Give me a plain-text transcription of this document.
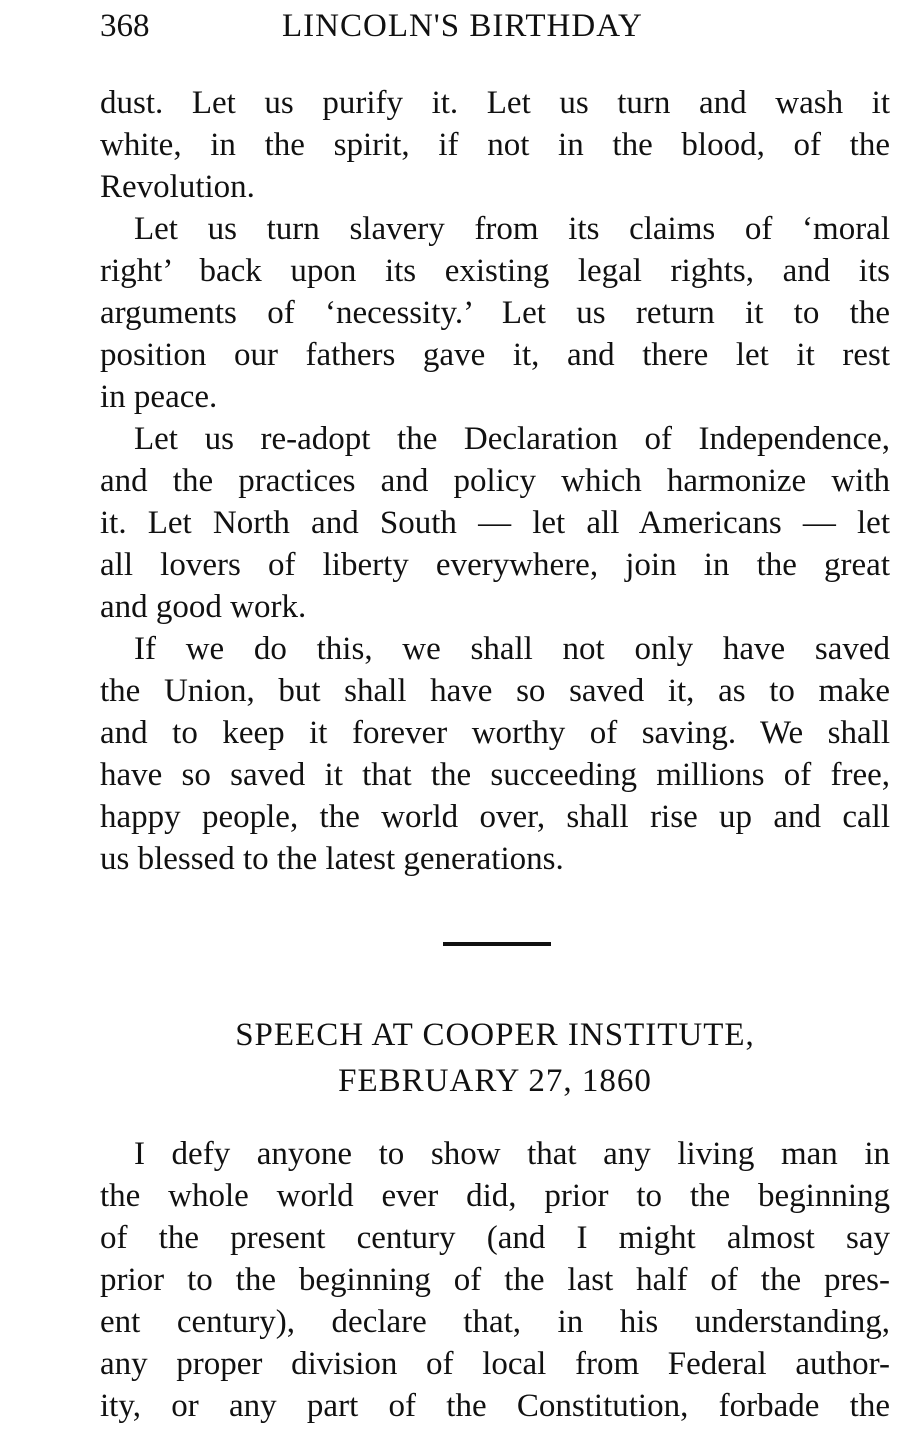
368	LINCOLN'S BIRTHDAY
dust. Let us purify it. Let us turn and wash it
white, in the spirit, if not in the blood, of the
Revolution.
Let us turn slavery from its claims of ‘moral
right’ back upon its existing legal rights, and its
arguments of ‘necessity.’ Let us return it to the
position our fathers gave it, and there let it rest
in peace.
Let us re-adopt the Declaration of Independence,
and the practices and policy which harmonize with
it. Let North and South — let all Americans — let
all lovers of liberty everywhere, join in the great
and good work.
If we do this, we shall not only have saved
the Union, but shall have so saved it, as to make
and to keep it forever worthy of saving. We shall
have so saved it that the succeeding millions of free,
happy people, the world over, shall rise up and call
us blessed to the latest generations.
SPEECH AT COOPER INSTITUTE,
FEBRUARY 27, 1860
I defy anyone to show that any living man in
the whole world ever did, prior to the beginning
of the present century (and I might almost say
prior to the beginning of the last half of the pres-
ent century), declare that, in his understanding,
any proper division of local from Federal author-
ity, or any part of the Constitution, forbade the
